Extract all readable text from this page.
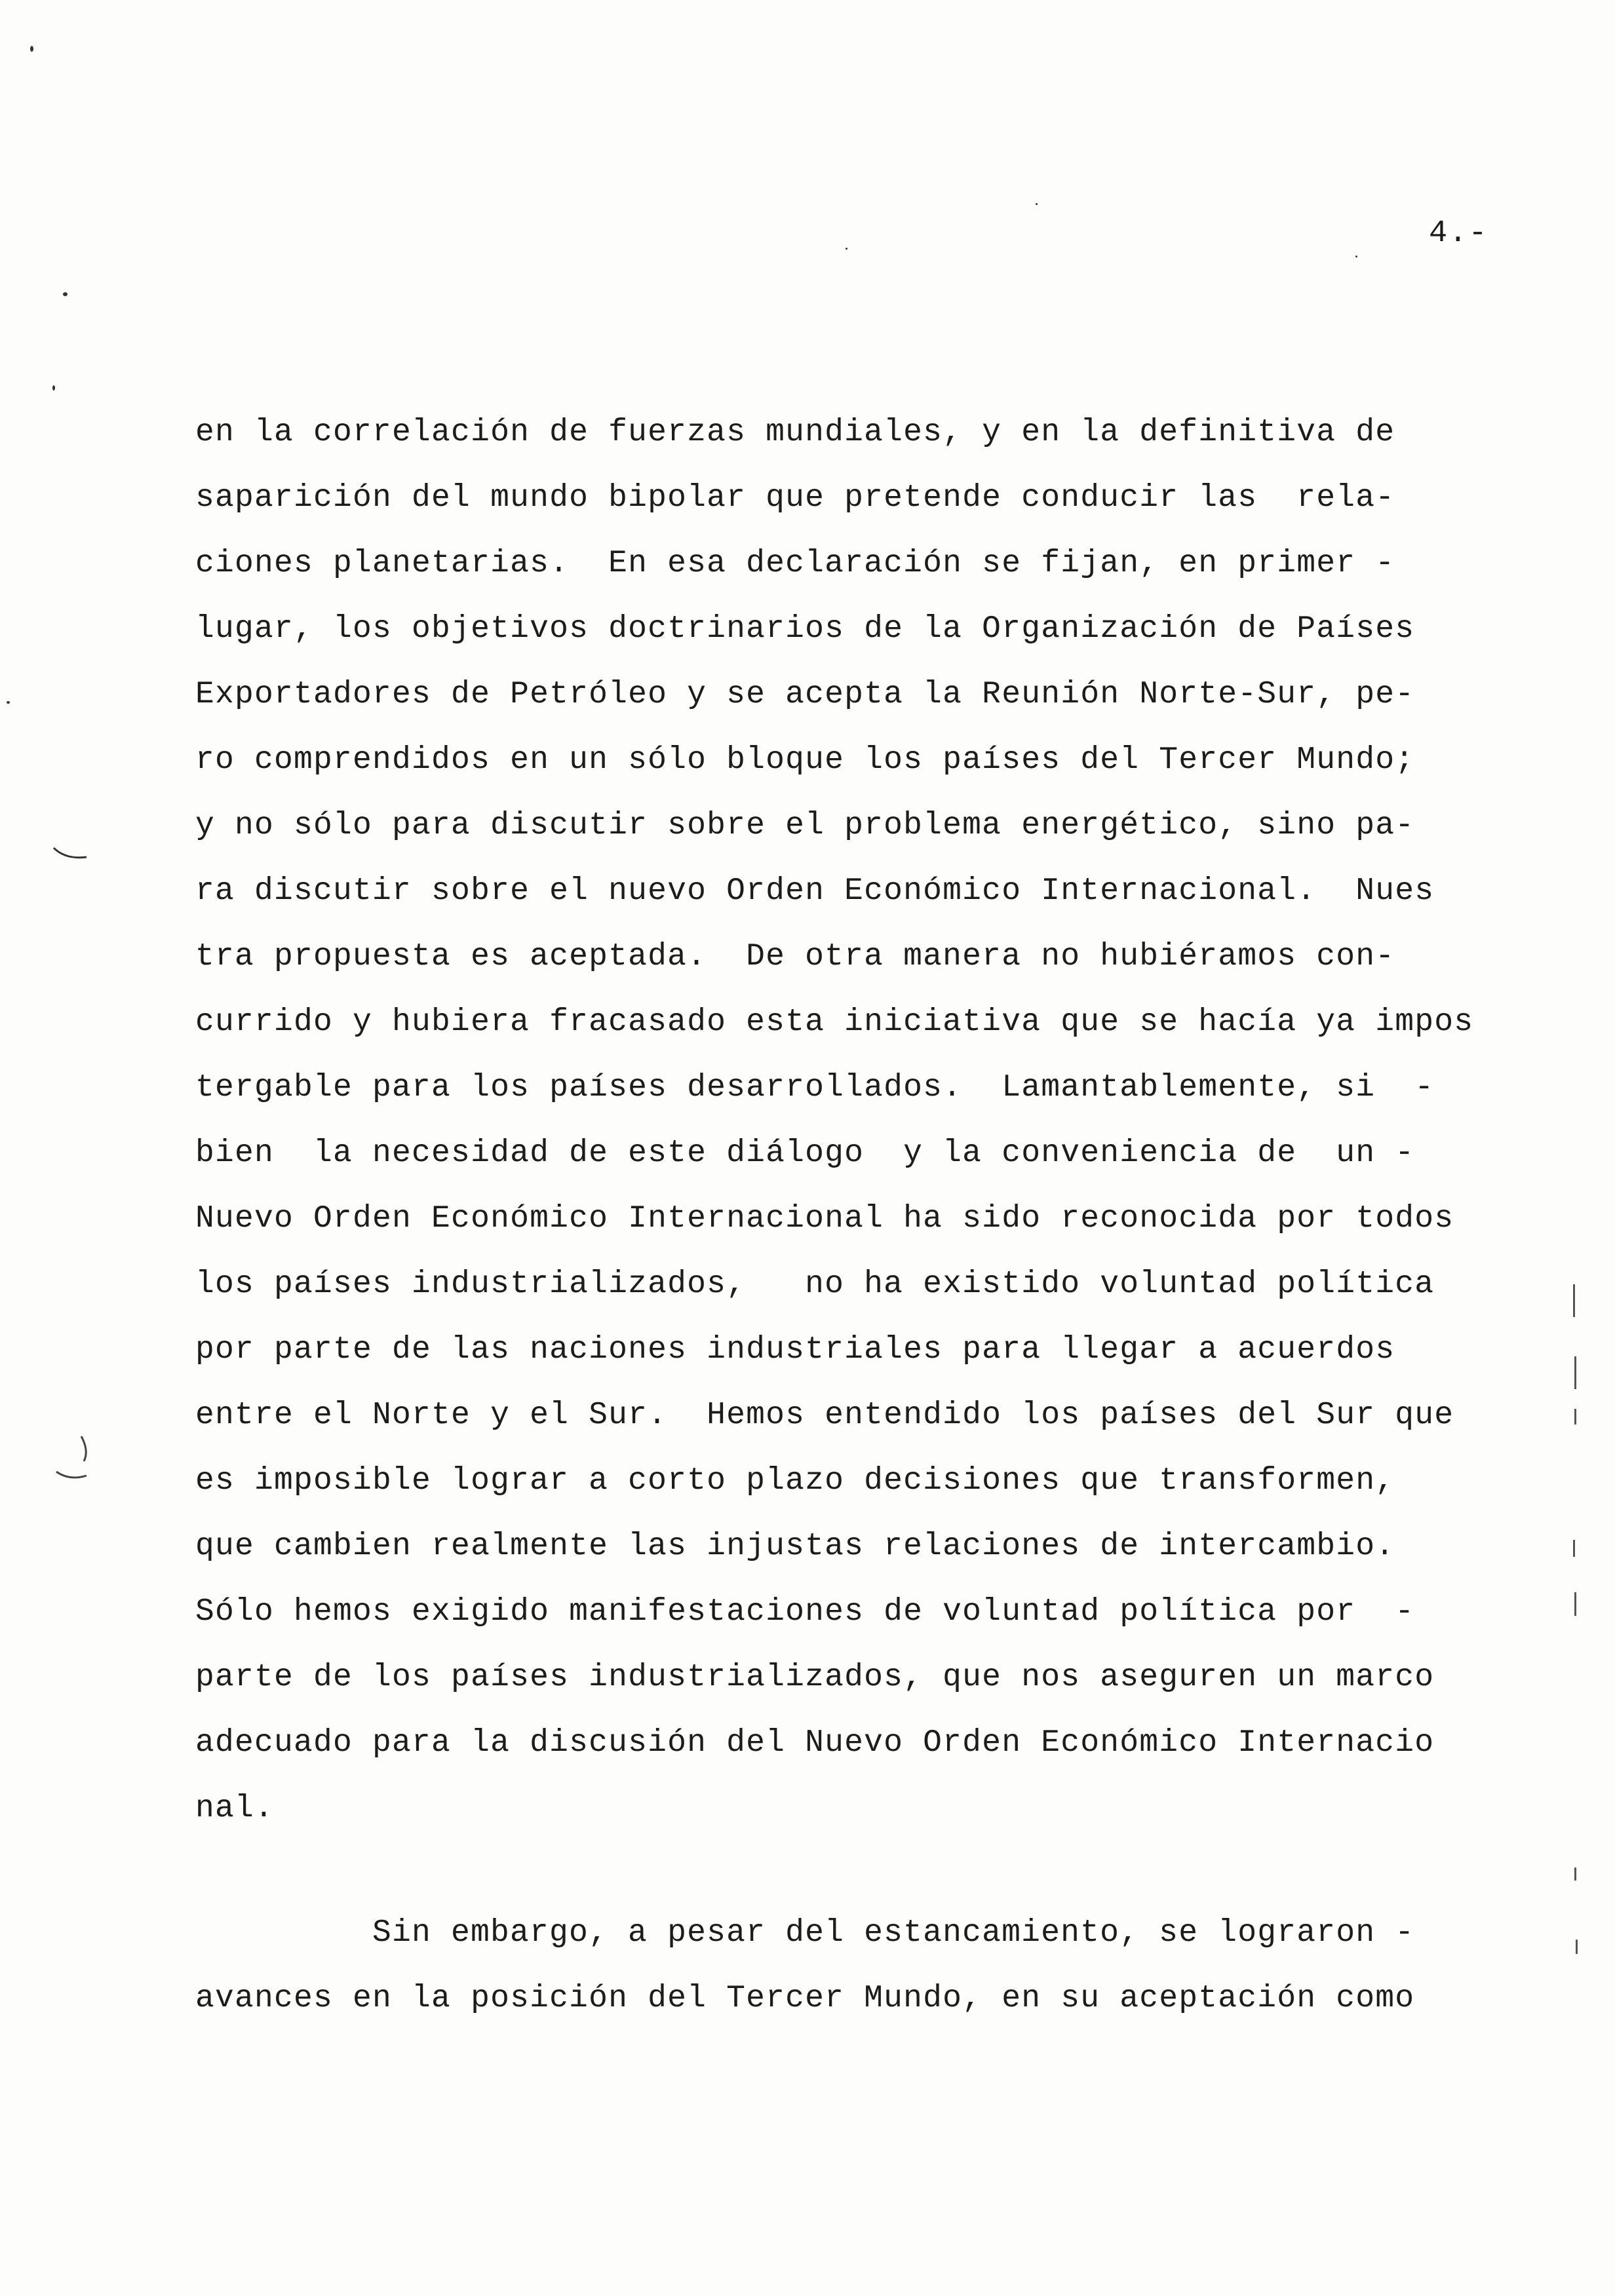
4.-
en la correlación de fuerzas mundiales, y en la definitiva de
saparición del mundo bipolar que pretende conducir las  rela-
ciones planetarias.  En esa declaración se fijan, en primer -
lugar, los objetivos doctrinarios de la Organización de Países
Exportadores de Petróleo y se acepta la Reunión Norte-Sur, pe-
ro comprendidos en un sólo bloque los países del Tercer Mundo;
y no sólo para discutir sobre el problema energético, sino pa-
ra discutir sobre el nuevo Orden Económico Internacional.  Nues
tra propuesta es aceptada.  De otra manera no hubiéramos con-
currido y hubiera fracasado esta iniciativa que se hacía ya impos
tergable para los países desarrollados.  Lamantablemente, si  -
bien  la necesidad de este diálogo  y la conveniencia de  un -
Nuevo Orden Económico Internacional ha sido reconocida por todos
los países industrializados,   no ha existido voluntad política
por parte de las naciones industriales para llegar a acuerdos
entre el Norte y el Sur.  Hemos entendido los países del Sur que
es imposible lograr a corto plazo decisiones que transformen,
que cambien realmente las injustas relaciones de intercambio.
Sólo hemos exigido manifestaciones de voluntad política por  -
parte de los países industrializados, que nos aseguren un marco
adecuado para la discusión del Nuevo Orden Económico Internacio
nal.
Sin embargo, a pesar del estancamiento, se lograron -
avances en la posición del Tercer Mundo, en su aceptación como
